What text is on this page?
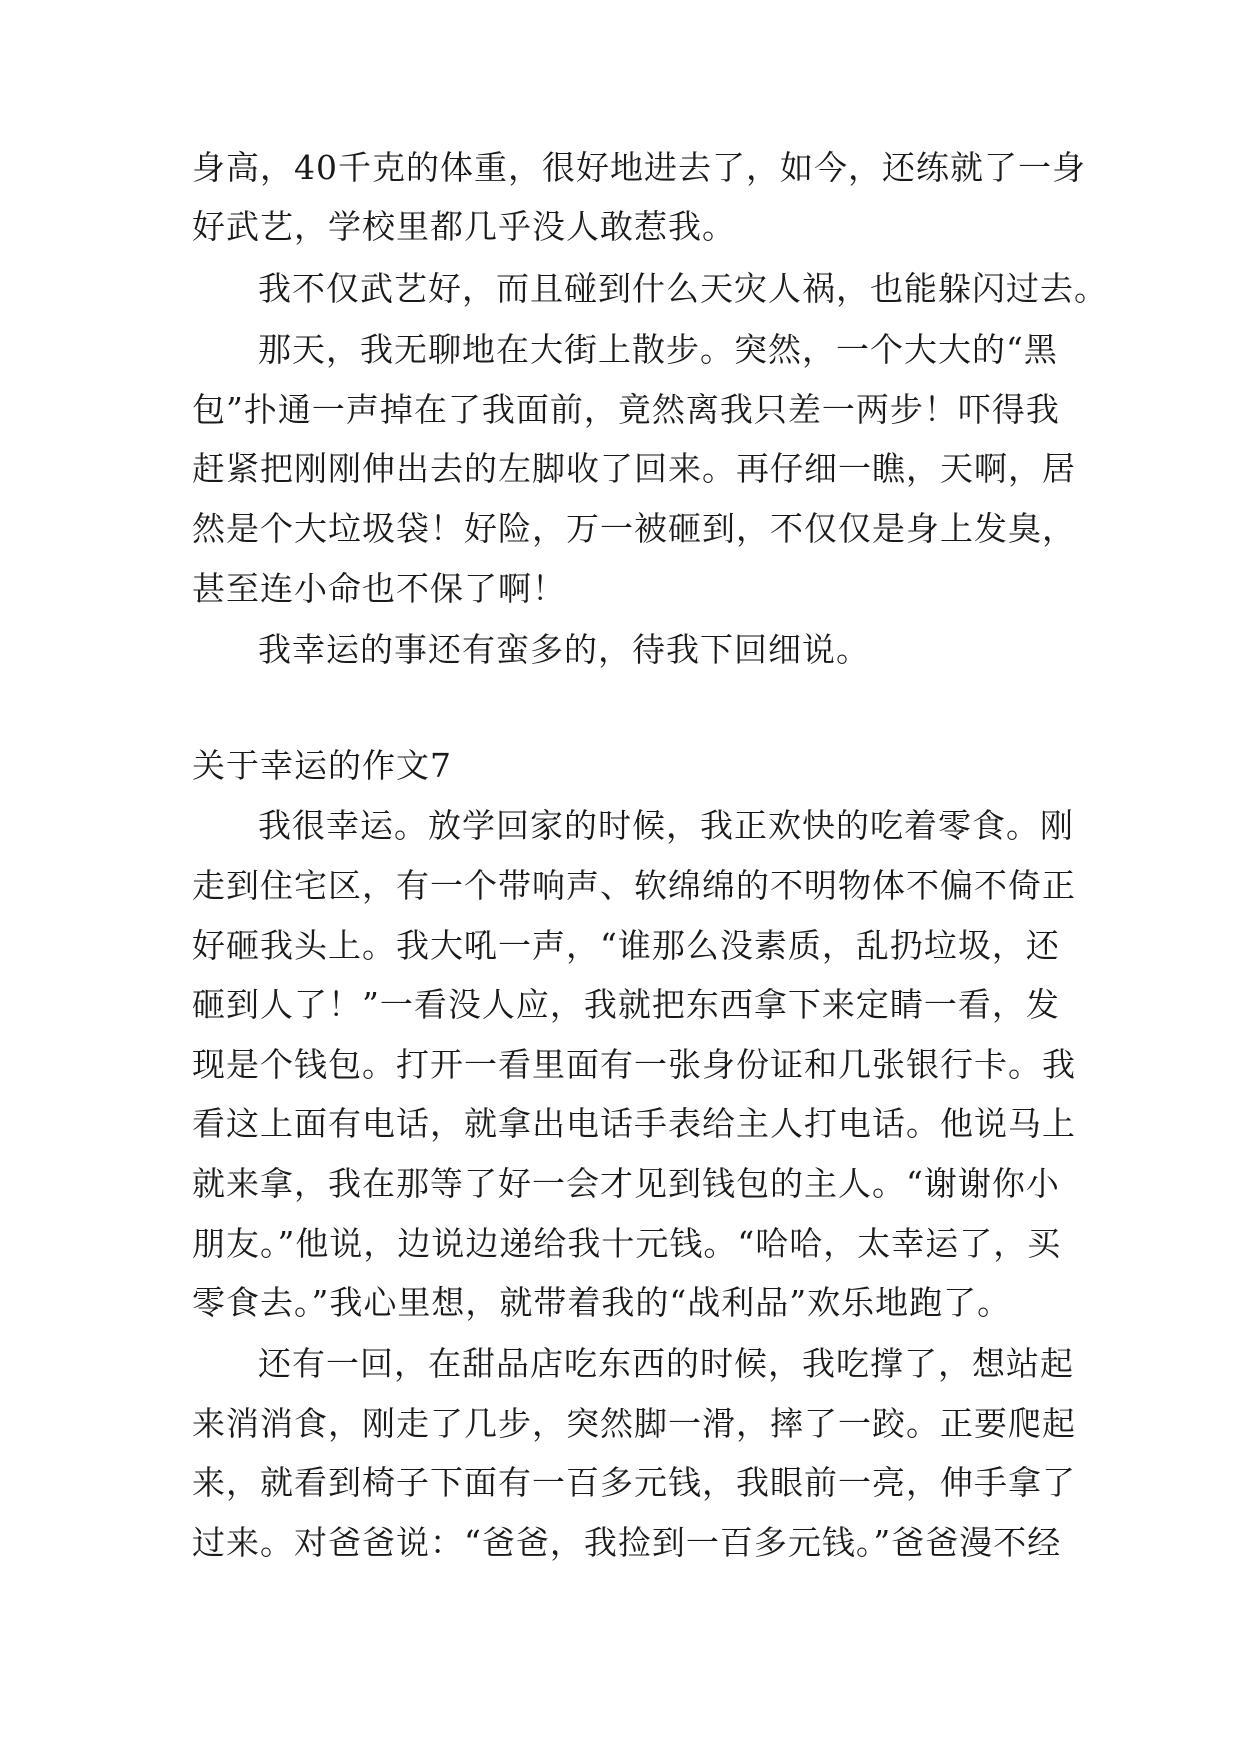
身高，40千克的体重，很好地进去了，如今，还练就了一身
好武艺，学校里都几乎没人敢惹我。
我不仅武艺好，而且碰到什么天灾人祸，也能躲闪过去。
那天，我无聊地在大街上散步。突然，一个大大的“黑
包”扑通一声掉在了我面前，竟然离我只差一两步！吓得我
赶紧把刚刚伸出去的左脚收了回来。再仔细一瞧，天啊，居
然是个大垃圾袋！好险，万一被砸到，不仅仅是身上发臭，
甚至连小命也不保了啊！
我幸运的事还有蛮多的，待我下回细说。
关于幸运的作文7
我很幸运。放学回家的时候，我正欢快的吃着零食。刚
走到住宅区，有一个带响声、软绵绵的不明物体不偏不倚正
好砸我头上。我大吼一声，“谁那么没素质，乱扔垃圾，还
砸到人了！”一看没人应，我就把东西拿下来定睛一看，发
现是个钱包。打开一看里面有一张身份证和几张银行卡。我
看这上面有电话，就拿出电话手表给主人打电话。他说马上
就来拿，我在那等了好一会才见到钱包的主人。“谢谢你小
朋友。”他说，边说边递给我十元钱。“哈哈，太幸运了，买
零食去。”我心里想，就带着我的“战利品”欢乐地跑了。
还有一回，在甜品店吃东西的时候，我吃撑了，想站起
来消消食，刚走了几步，突然脚一滑，摔了一跤。正要爬起
来，就看到椅子下面有一百多元钱，我眼前一亮，伸手拿了
过来。对爸爸说：“爸爸，我捡到一百多元钱。”爸爸漫不经
